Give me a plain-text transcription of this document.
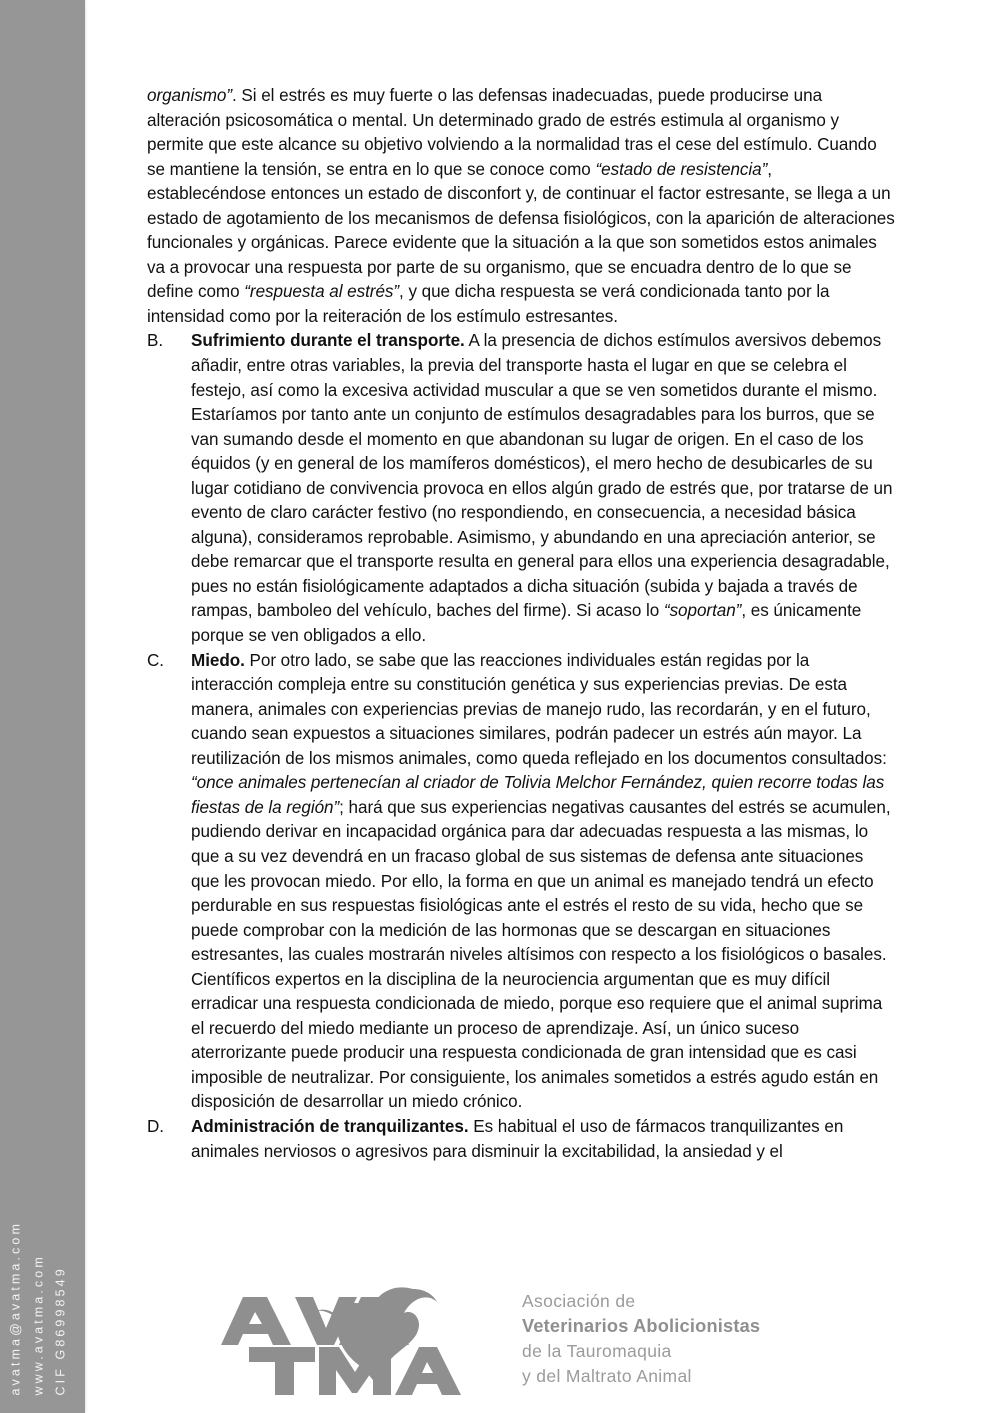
avatma@avatma.com www.avatma.com CIF G86998549

organismo”. Si el estrés es muy fuerte o las defensas inadecuadas, puede producirse una alteración psicosomática o mental. Un determinado grado de estrés estimula al organismo y permite que este alcance su objetivo volviendo a la normalidad tras el cese del estímulo. Cuando se mantiene la tensión, se entra en lo que se conoce como “estado de resistencia”, establecéndose entonces un estado de disconfort y, de continuar el factor estresante, se llega a un estado de agotamiento de los mecanismos de defensa fisiológicos, con la aparición de alteraciones funcionales y orgánicas. Parece evidente que la situación a la que son sometidos estos animales va a provocar una respuesta por parte de su organismo, que se encuadra dentro de lo que se define como “respuesta al estrés”, y que dicha respuesta se verá condicionada tanto por la intensidad como por la reiteración de los estímulo estresantes.

B.	Sufrimiento durante el transporte. A la presencia de dichos estímulos aversivos debemos añadir, entre otras variables, la previa del transporte hasta el lugar en que se celebra el festejo, así como la excesiva actividad muscular a que se ven sometidos durante el mismo. Estaríamos por tanto ante un conjunto de estímulos desagradables para los burros, que se van sumando desde el momento en que abandonan su lugar de origen. En el caso de los équidos (y en general de los mamíferos domésticos), el mero hecho de desubicarles de su lugar cotidiano de convivencia provoca en ellos algún grado de estrés que, por tratarse de un evento de claro carácter festivo (no respondiendo, en consecuencia, a necesidad básica alguna), consideramos reprobable. Asimismo, y abundando en una apreciación anterior, se debe remarcar que el transporte resulta en general para ellos una experiencia desagradable, pues no están fisiológicamente adaptados a dicha situación (subida y bajada a través de rampas, bamboleo del vehículo, baches del firme). Si acaso lo “soportan”, es únicamente porque se ven obligados a ello.

C.	Miedo. Por otro lado, se sabe que las reacciones individuales están regidas por la interacción compleja entre su constitución genética y sus experiencias previas. De esta manera, animales con experiencias previas de manejo rudo, las recordarán, y en el futuro, cuando sean expuestos a situaciones similares, podrán padecer un estrés aún mayor. La reutilización de los mismos animales, como queda reflejado en los documentos consultados: “once animales pertenecían al criador de Tolivia Melchor Fernández, quien recorre todas las fiestas de la región”; hará que sus experiencias negativas causantes del estrés se acumulen, pudiendo derivar en incapacidad orgánica para dar adecuadas respuesta a las mismas, lo que a su vez devendrá en un fracaso global de sus sistemas de defensa ante situaciones que les provocan miedo. Por ello, la forma en que un animal es manejado tendrá un efecto perdurable en sus respuestas fisiológicas ante el estrés el resto de su vida, hecho que se puede comprobar con la medición de las hormonas que se descargan en situaciones estresantes, las cuales mostrarán niveles altísimos con respecto a los fisiológicos o basales. Científicos expertos en la disciplina de la neurociencia argumentan que es muy difícil erradicar una respuesta condicionada de miedo, porque eso requiere que el animal suprima el recuerdo del miedo mediante un proceso de aprendizaje. Así, un único suceso aterrorizante puede producir una respuesta condicionada de gran intensidad que es casi imposible de neutralizar. Por consiguiente, los animales sometidos a estrés agudo están en disposición de desarrollar un miedo crónico.

D.	Administración de tranquilizantes. Es habitual el uso de fármacos tranquilizantes en animales nerviosos o agresivos para disminuir la excitabilidad, la ansiedad y el

Asociación de
Veterinarios Abolicionistas
de la Tauromaquia
y del Maltrato Animal
